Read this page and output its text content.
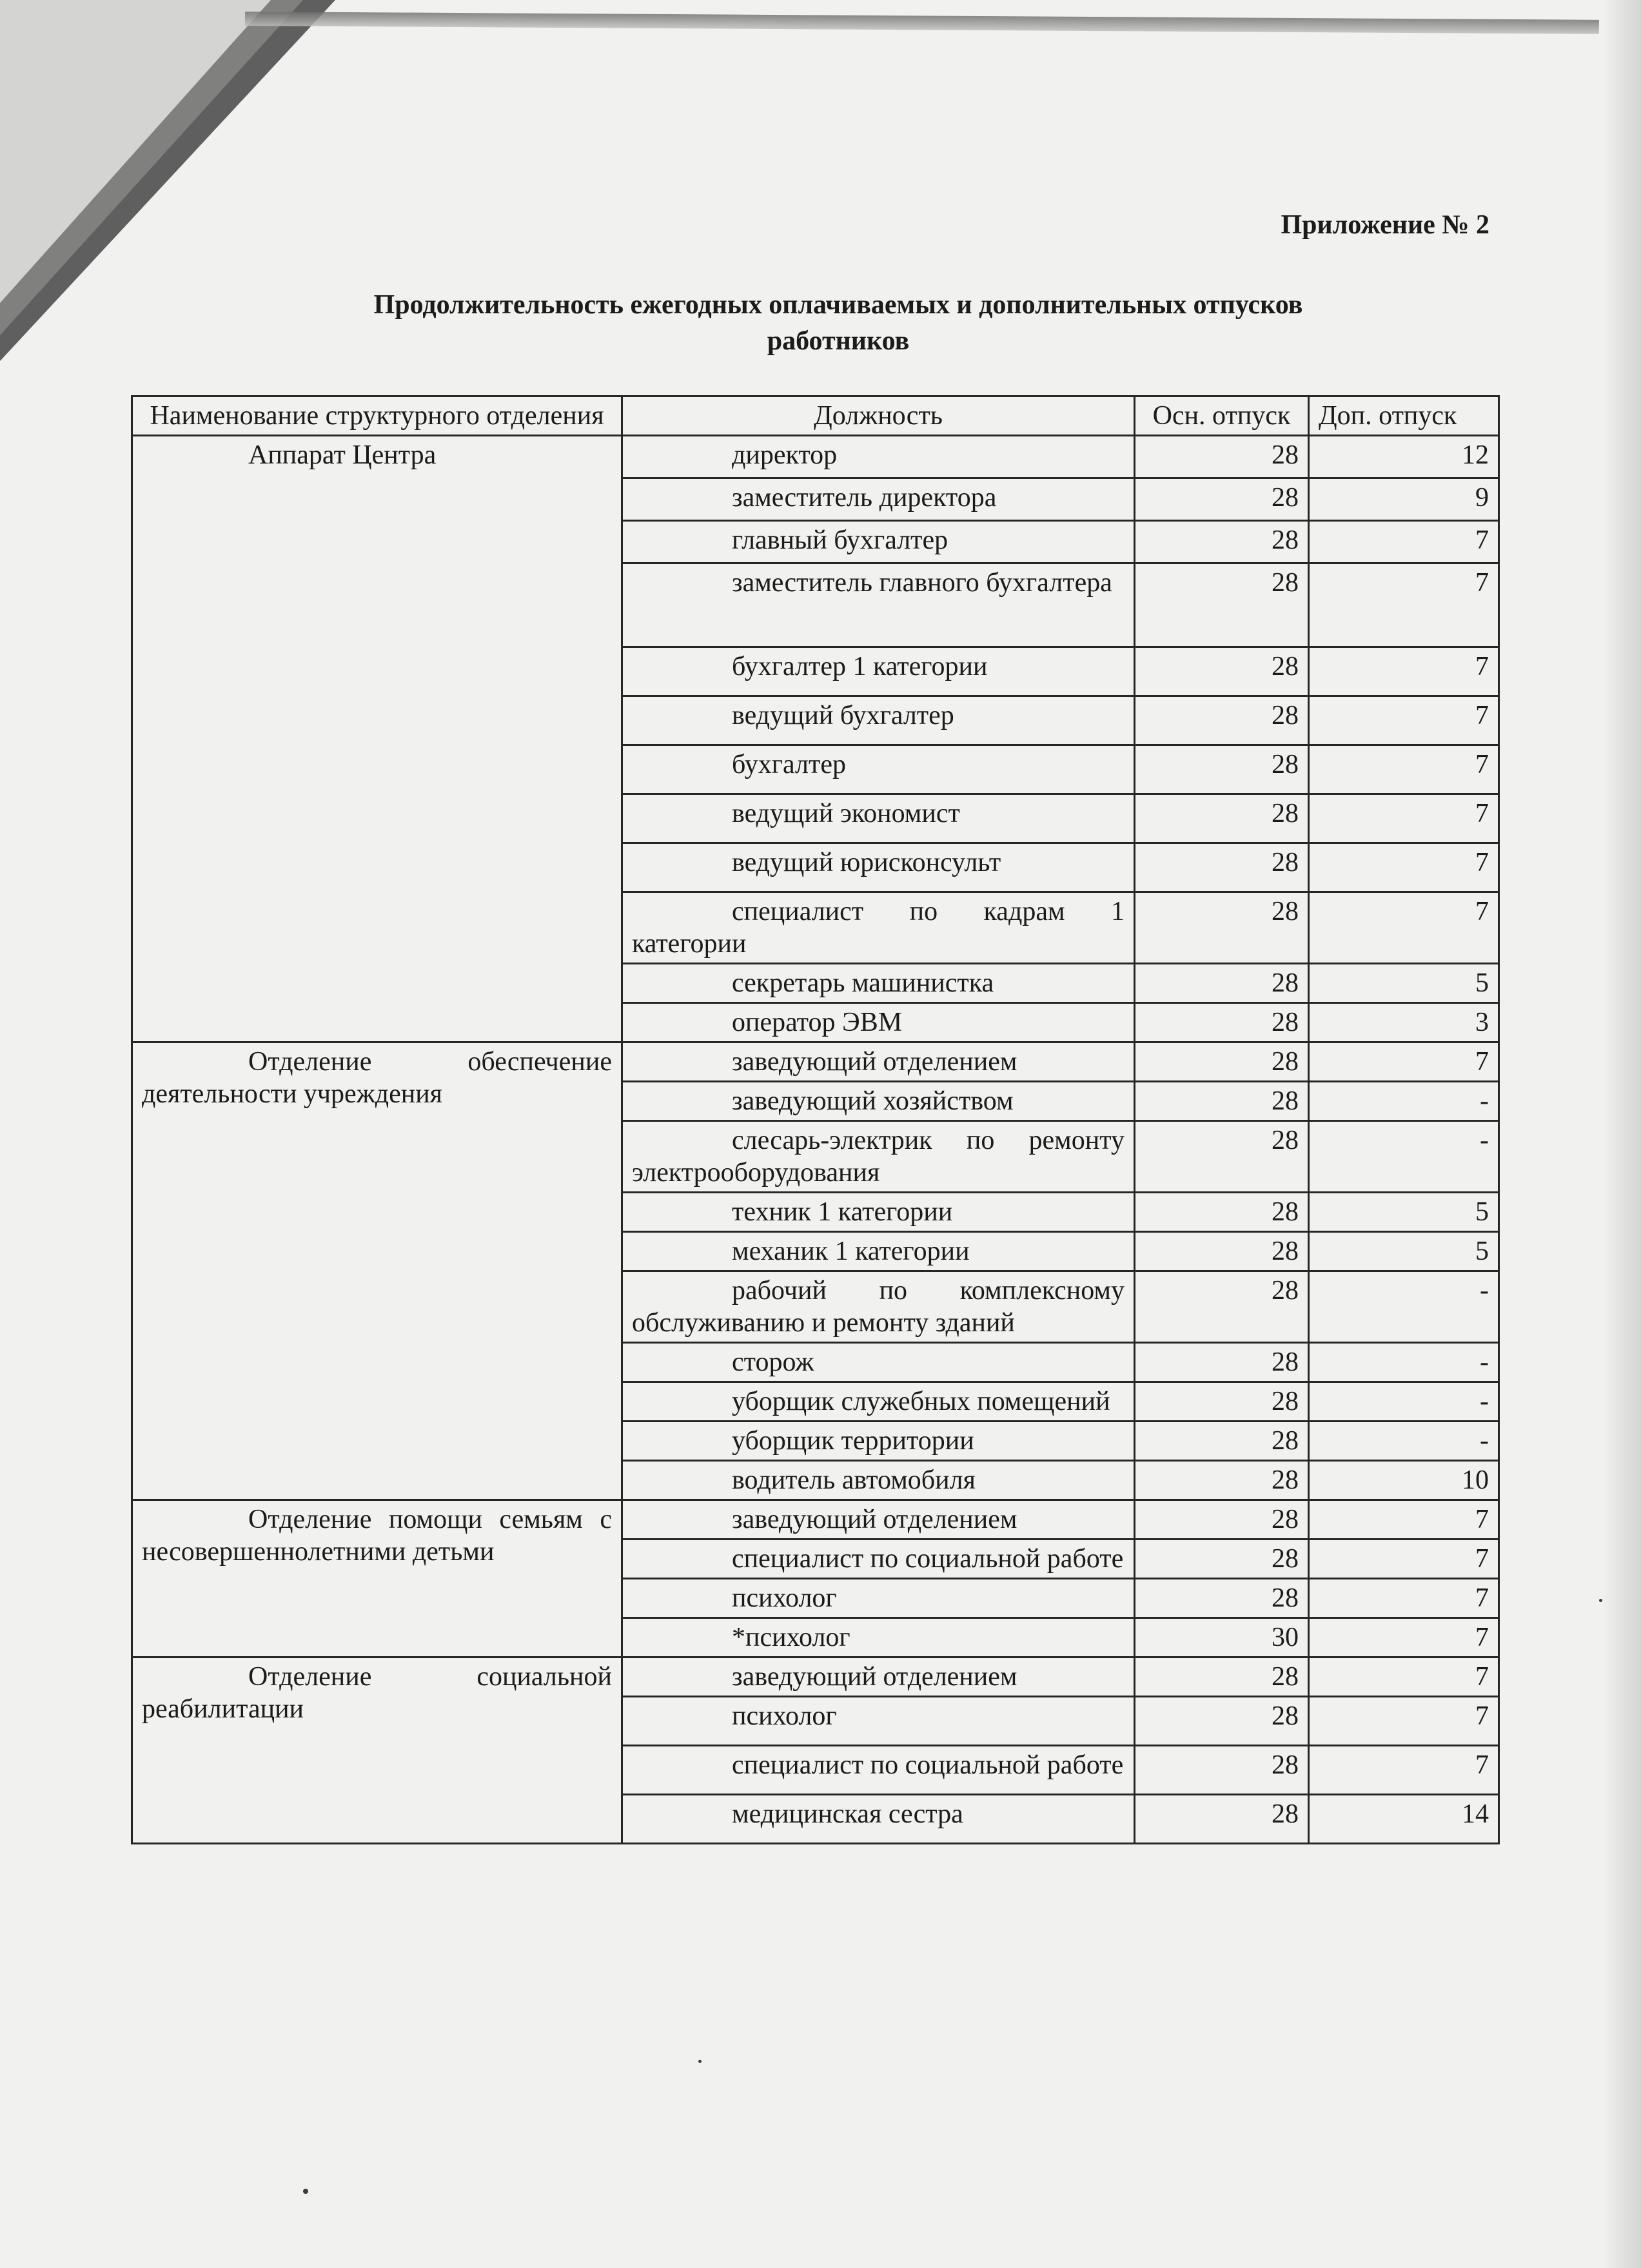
Приложение № 2
Продолжительность ежегодных оплачиваемых и дополнительных отпусков
работников
Наименование структурного отделения	Должность	Осн. отпуск	Доп. отпуск
Аппарат Центра	директор	28	12
	заместитель директора	28	9
	главный бухгалтер	28	7
	заместитель главного бухгалтера	28	7
	бухгалтер 1 категории	28	7
	ведущий бухгалтер	28	7
	бухгалтер	28	7
	ведущий экономист	28	7
	ведущий юрисконсульт	28	7
	специалист по кадрам 1 категории	28	7
	секретарь машинистка	28	5
	оператор ЭВМ	28	3
Отделение обеспечение деятельности учреждения	заведующий отделением	28	7
	заведующий хозяйством	28	-
	слесарь-электрик по ремонту электрооборудования	28	-
	техник 1 категории	28	5
	механик 1 категории	28	5
	рабочий по комплексному обслуживанию и ремонту зданий	28	-
	сторож	28	-
	уборщик служебных помещений	28	-
	уборщик территории	28	-
	водитель автомобиля	28	10
Отделение помощи семьям с несовершеннолетними детьми	заведующий отделением	28	7
	специалист по социальной работе	28	7
	психолог	28	7
	*психолог	30	7
Отделение социальной реабилитации	заведующий отделением	28	7
	психолог	28	7
	специалист по социальной работе	28	7
	медицинская сестра	28	14
